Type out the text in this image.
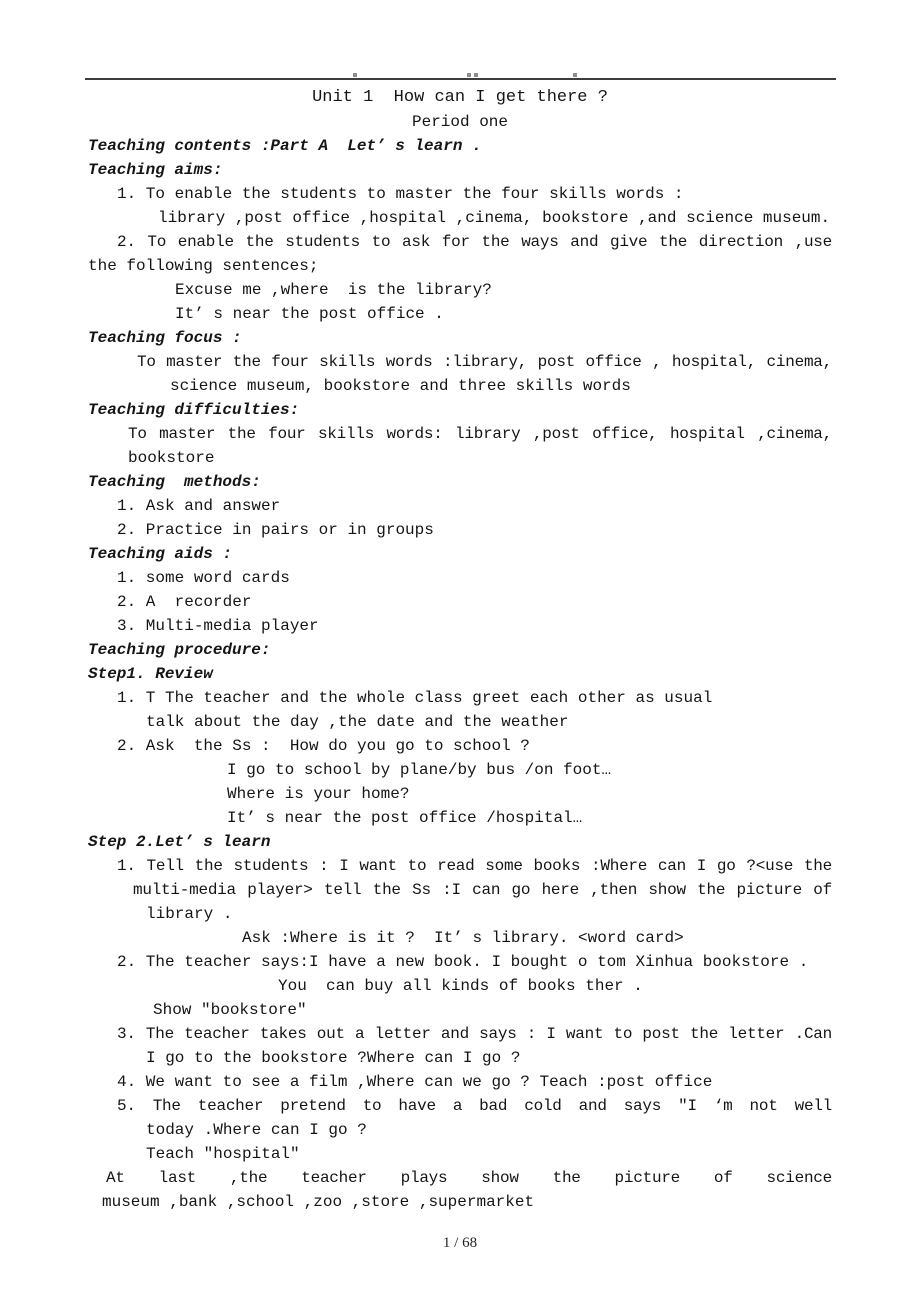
Unit 1  How can I get there ?
Period one
Teaching contents :Part A  Let’ s learn .
Teaching aims:
1. To enable the students to master the four skills words :
library ,post office ,hospital ,cinema, bookstore ,and science museum.
2. To enable the students to ask for the ways and give the direction ,use
the following sentences;
Excuse me ,where  is the library?
It’ s near the post office .
Teaching focus :
To master the four skills words :library, post office , hospital, cinema,
science museum, bookstore and three skills words
Teaching difficulties:
To master the four skills words: library ,post office, hospital ,cinema,
bookstore
Teaching  methods:
1. Ask and answer
2. Practice in pairs or in groups
Teaching aids :
1. some word cards
2. A  recorder
3. Multi-media player
Teaching procedure:
Step1. Review
1. T The teacher and the whole class greet each other as usual
talk about the day ,the date and the weather
2. Ask  the Ss :  How do you go to school ?
I go to school by plane/by bus /on foot…
Where is your home?
It’ s near the post office /hospital…
Step 2.Let’ s learn
1. Tell the students : I want to read some books :Where can I go ?<use the
multi-media player> tell the Ss :I can go here ,then show the picture of
library .
Ask :Where is it ?  It’ s library. <word card>
2. The teacher says:I have a new book. I bought o tom Xinhua bookstore .
You  can buy all kinds of books ther .
Show "bookstore"
3. The teacher takes out a letter and says : I want to post the letter .Can
I go to the bookstore ?Where can I go ?
4. We want to see a film ,Where can we go ? Teach :post office
5. The teacher pretend to have a bad cold and says "I ‘m not well
today .Where can I go ?
Teach "hospital"
At last ,the teacher plays show the picture of science
museum ,bank ,school ,zoo ,store ,supermarket
1 / 68
